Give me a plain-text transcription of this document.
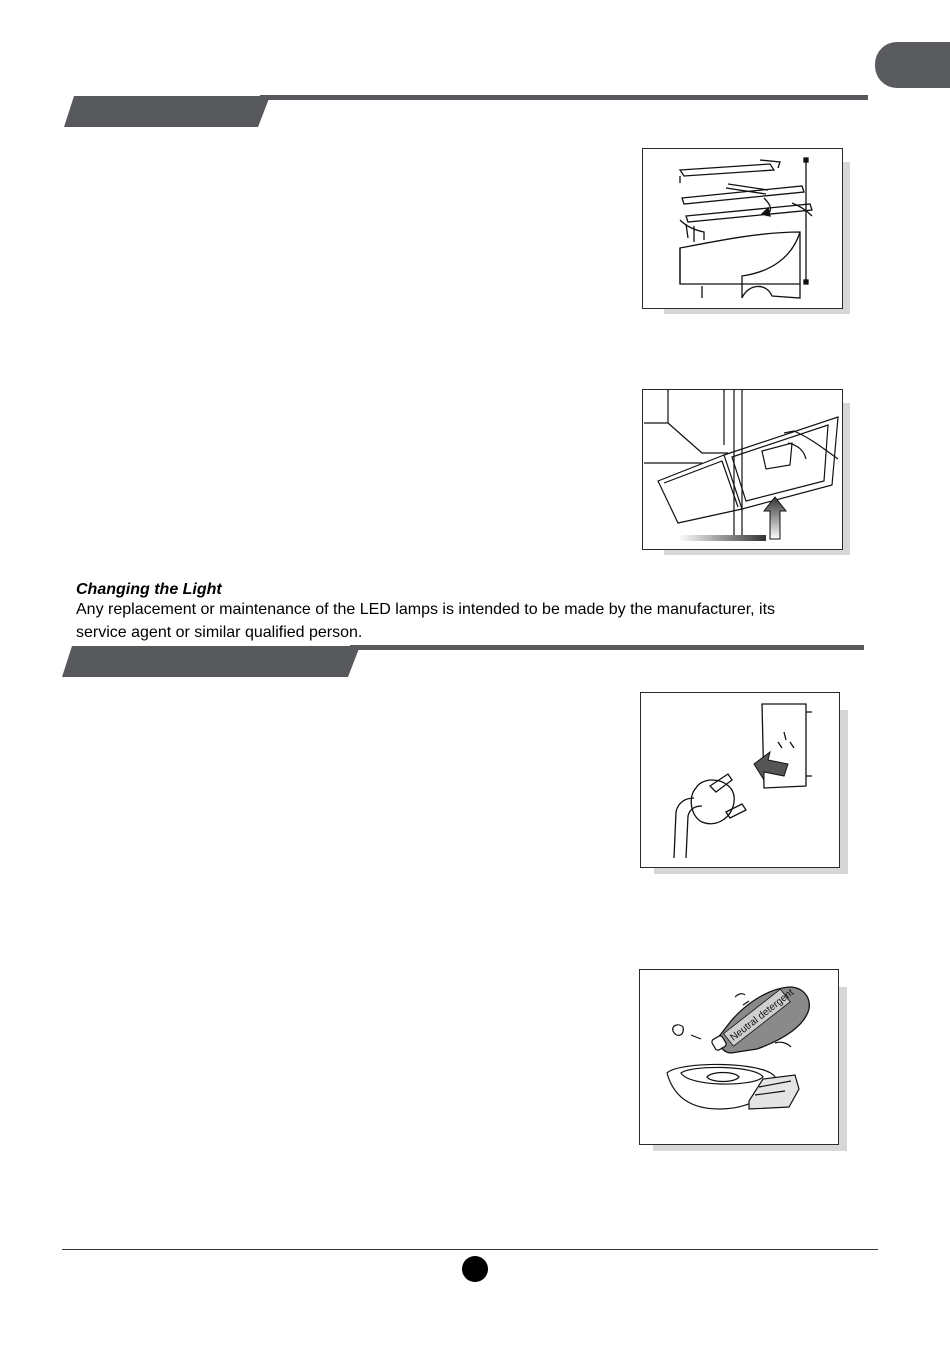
Changing the Light
Any replacement or maintenance of the LED lamps is intended to be made by the manufacturer, its
service agent or similar qualified person.
Neutral detergent
